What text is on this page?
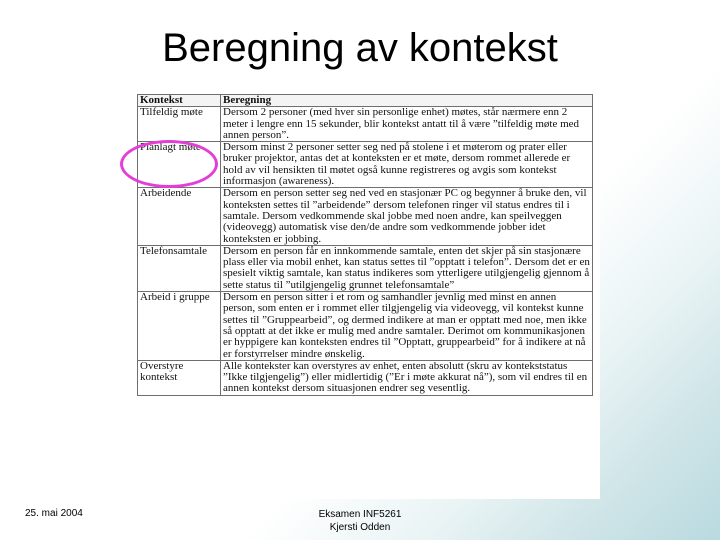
Beregning av kontekst
Kontekst	Beregning
Tilfeldig møte	Dersom 2 personer (med hver sin personlige enhet) møtes, står nærmere enn 2 meter i lengre enn 15 sekunder, blir kontekst antatt til å være ”tilfeldig møte med annen person”.
Planlagt møte	Dersom minst 2 personer setter seg ned på stolene i et møterom og prater eller bruker projektor, antas det at konteksten er et møte, dersom rommet allerede er hold av vil hensikten til møtet også kunne registreres og avgis som kontekst informasjon (awareness).
Arbeidende	Dersom en person setter seg ned ved en stasjonær PC og begynner å bruke den, vil konteksten settes til ”arbeidende” dersom telefonen ringer vil status endres til i samtale. Dersom vedkommende skal jobbe med noen andre, kan speilveggen (videovegg) automatisk vise den/de andre som vedkommende jobber idet konteksten er jobbing.
Telefonsamtale	Dersom en person får en innkommende samtale, enten det skjer på sin stasjonære plass eller via mobil enhet, kan status settes til ”opptatt i telefon”. Dersom det er en spesielt viktig samtale, kan status indikeres som ytterligere utilgjengelig gjennom å sette status til ”utilgjengelig grunnet telefonsamtale”
Arbeid i gruppe	Dersom en person sitter i et rom og samhandler jevnlig med minst en annen person, som enten er i rommet eller tilgjengelig via videovegg, vil kontekst kunne settes til ”Gruppearbeid”, og dermed indikere at man er opptatt med noe, men ikke så opptatt at det ikke er mulig med andre samtaler. Derimot om kommunikasjonen er hyppigere kan konteksten endres til ”Opptatt, gruppearbeid” for å indikere at nå er forstyrrelser mindre ønskelig.
Overstyre kontekst	Alle kontekster kan overstyres av enhet, enten absolutt (skru av kontekststatus ”Ikke tilgjengelig”) eller midlertidig (”Er i møte akkurat nå”), som vil endres til en annen kontekst dersom situasjonen endrer seg vesentlig.
25. mai 2004	Eksamen INF5261
Kjersti Odden
